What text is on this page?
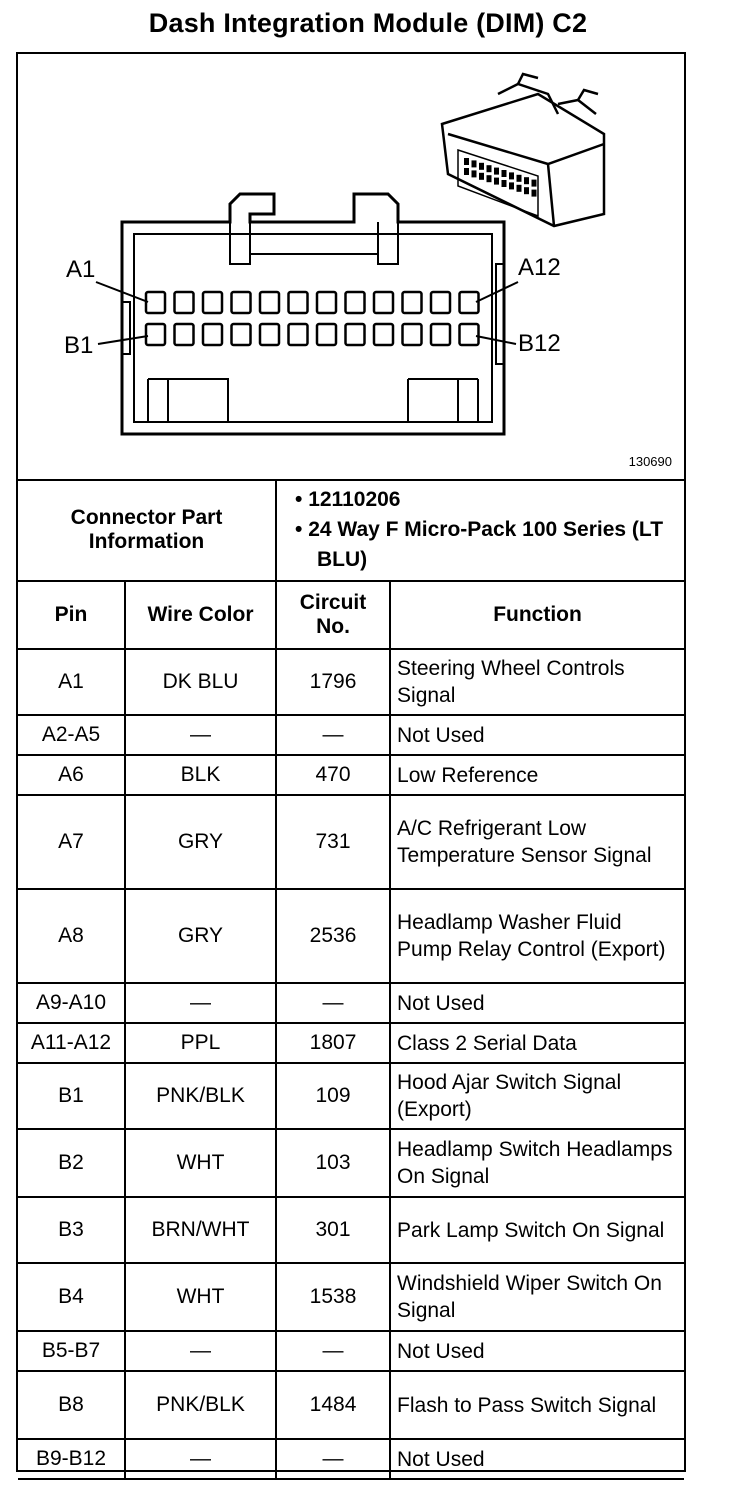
Dash Integration Module (DIM) C2
A1	A12
B1	B12
130690
Connector Part Information		• 12110206
• 24 Way F Micro-Pack 100 Series (LT BLU)	

Pin	Wire Color	Circuit No.	Function
A1	DK BLU	1796	Steering Wheel Controls Signal
A2-A5	—	—	Not Used
A6	BLK	470	Low Reference
A7	GRY	731	A/C Refrigerant Low Temperature Sensor Signal
A8	GRY	2536	Headlamp Washer Fluid Pump Relay Control (Export)
A9-A10	—	—	Not Used
A11-A12	PPL	1807	Class 2 Serial Data
B1	PNK/BLK	109	Hood Ajar Switch Signal (Export)
B2	WHT	103	Headlamp Switch Headlamps On Signal
B3	BRN/WHT	301	Park Lamp Switch On Signal
B4	WHT	1538	Windshield Wiper Switch On Signal
B5-B7	—	—	Not Used
B8	PNK/BLK	1484	Flash to Pass Switch Signal
B9-B12	—	—	Not Used
